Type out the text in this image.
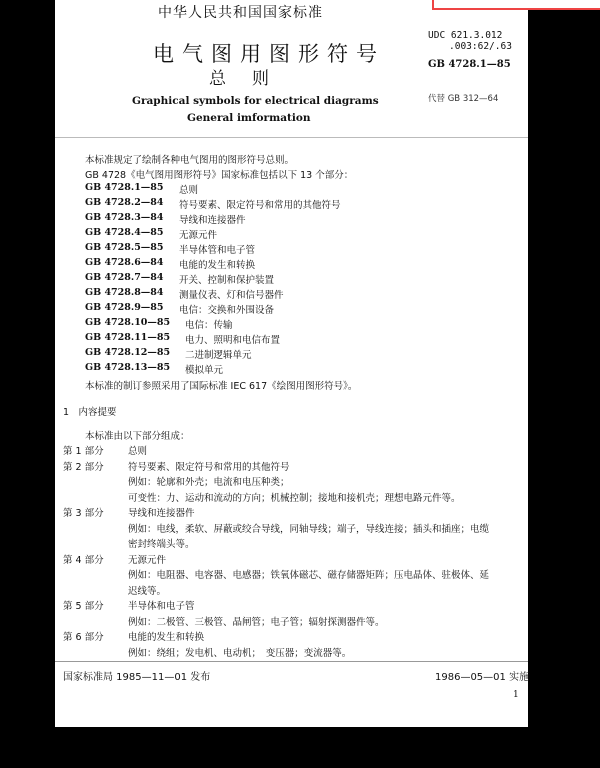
中华人民共和国国家标准
电气图用图形符号
总 则
Graphical symbols for electrical diagrams
General imformation
UDC 621.3.012
.003:62/.63
GB 4728.1—85
代替 GB 312—64
本标准规定了绘制各种电气图用的图形符号总则。
GB 4728《电气图用图形符号》国家标准包括以下 13 个部分：
GB 4728.1—85 总则
GB 4728.2—84 符号要素、限定符号和常用的其他符号
GB 4728.3—84 导线和连接器件
GB 4728.4—85 无源元件
GB 4728.5—85 半导体管和电子管
GB 4728.6—84 电能的发生和转换
GB 4728.7—84 开关、控制和保护装置
GB 4728.8—84 测量仪表、灯和信号器件
GB 4728.9—85 电信：交换和外围设备
GB 4728.10—85 电信：传输
GB 4728.11—85 电力、照明和电信布置
GB 4728.12—85 二进制逻辑单元
GB 4728.13—85 模拟单元
本标准的制订参照采用了国际标准 IEC 617《绘图用图形符号》。
1　内容提要
本标准由以下部分组成：
第 1 部分	总则
第 2 部分	符号要素、限定符号和常用的其他符号
例如：轮廓和外壳；电流和电压种类；
可变性：力、运动和流动的方向；机械控制；接地和接机壳；理想电路元件等。
第 3 部分	导线和连接器件
例如：电线，柔软、屏蔽或绞合导线，同轴导线；端子，导线连接；插头和插座；电缆
密封终端头等。
第 4 部分	无源元件
例如：电阻器、电容器、电感器；铁氧体磁芯、磁存储器矩阵；压电晶体、驻极体、延
迟线等。
第 5 部分	半导体和电子管
例如：二极管、三极管、晶闸管；电子管；辐射探测器件等。
第 6 部分	电能的发生和转换
例如：绕组；发电机、电动机；　变压器；变流器等。
国家标准局 1985—11—01 发布	1986—05—01 实施
1
